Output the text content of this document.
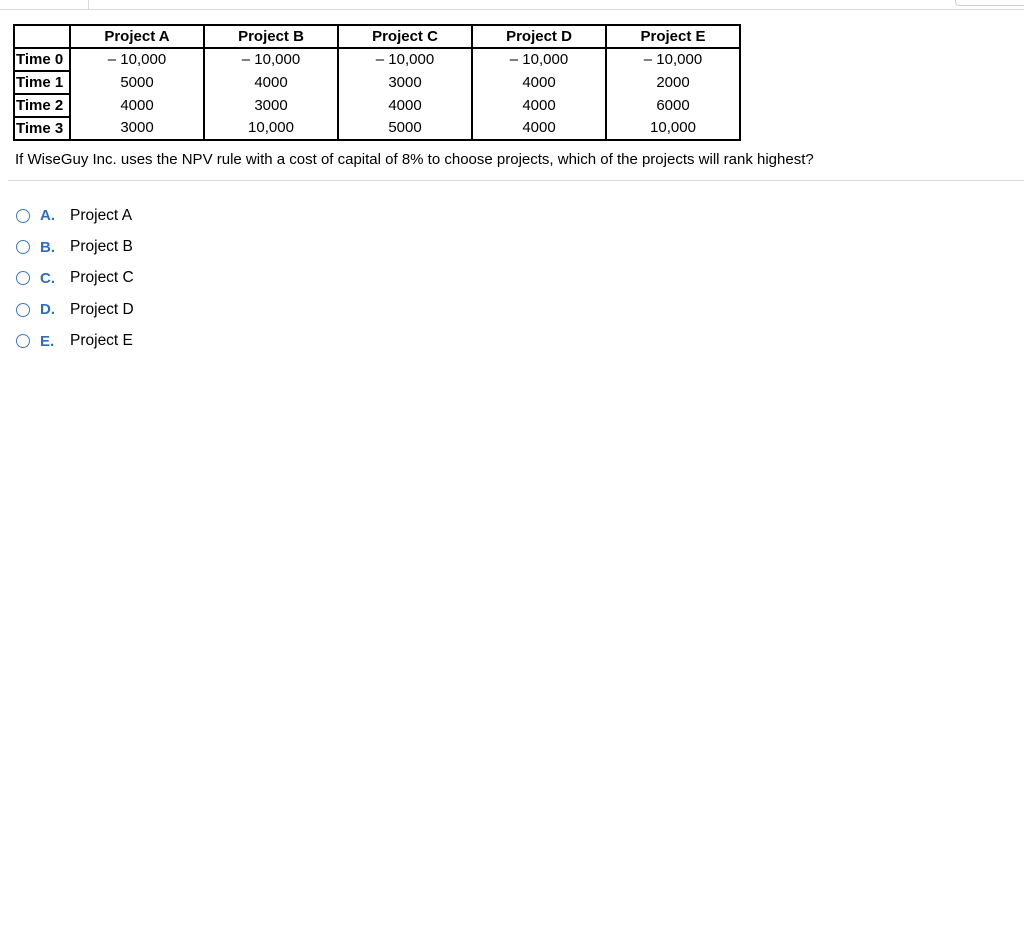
	Project A	Project B	Project C	Project D	Project E
Time 0	– 10,000	– 10,000	– 10,000	– 10,000	– 10,000
Time 1	5000	4000	3000	4000	2000
Time 2	4000	3000	4000	4000	6000
Time 3	3000	10,000	5000	4000	10,000
If WiseGuy Inc. uses the NPV rule with a cost of capital of 8% to choose projects, which of the projects will rank highest?
A. Project A
B. Project B
C. Project C
D. Project D
E.	Project E
